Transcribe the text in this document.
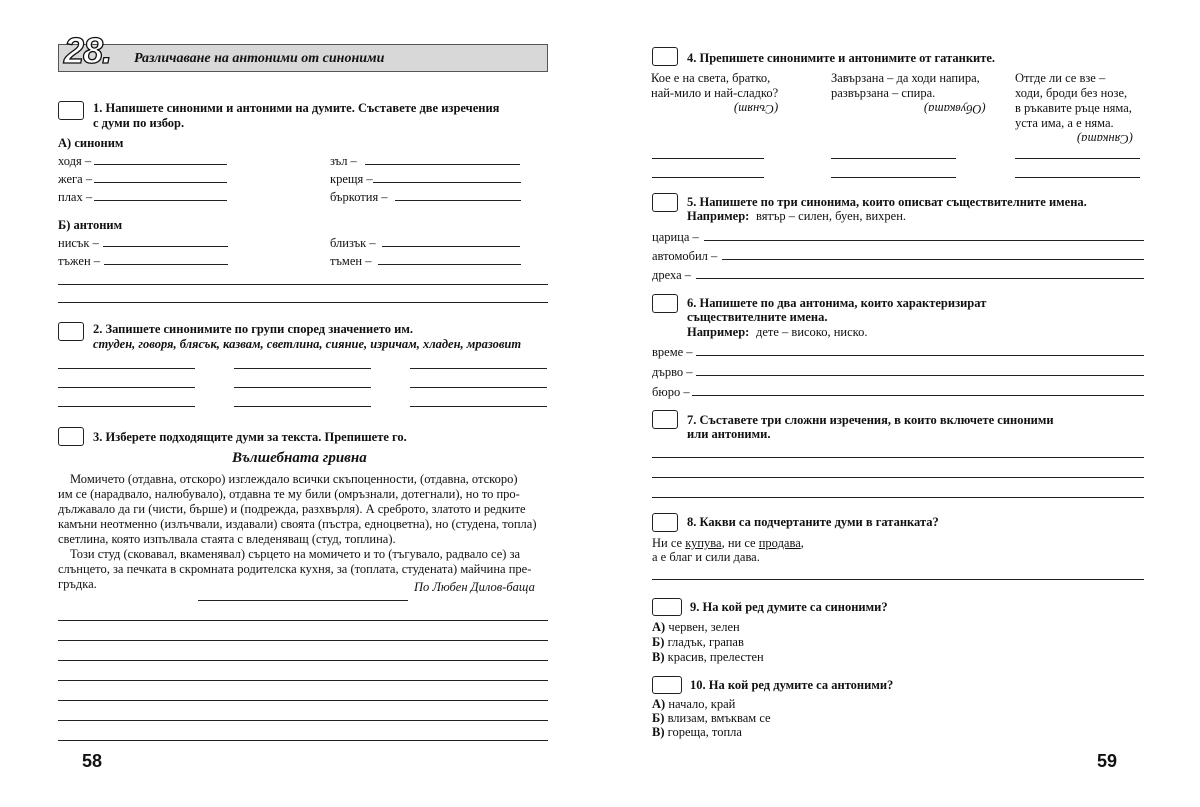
28. Различаване на антоними от синоними
1. Напишете синоними и антоними на думите. Съставете две изречения
с думи по избор.
А) синоним
ходя –
жега –
плах –
зъл –
крещя –
бъркотия –
Б) антоним
нисък –
тъжен –
близък –
тъмен –
2. Запишете синонимите по групи според значението им.
студен, говоря, блясък, казвам, светлина, сияние, изричам, хладен, мразовит
3. Изберете подходящите думи за текста. Препишете го.
Вълшебната гривна
Момичето (отдавна, отскоро) изглеждало всички скъпоценности, (отдавна, отскоро)
им се (нарадвало, налюбувало), отдавна те му били (омръзнали, дотегнали), но то про-
дължавало да ги (чисти, бърше) и (подрежда, разхвърля). А среброто, златото и редките
камъни неотменно (излъчвали, издавали) своята (пъстра, едноцветна), но (студена, топла)
светлина, която изпълвала стаята с вледеняващ (студ, топлина).
Този студ (сковавал, вкаменявал) сърцето на момичето и то (тъгувало, радвало се) за
слънцето, за печката в скромната родителска кухня, за (топлата, студената) майчина пре-
гръдка.	По Любен Дилов-баща
58
4. Препишете синонимите и антонимите от гатанките.
Кое е на света, братко,
най-мило и най-сладко?
(Сънят)
Завързана – да ходи напира,
развързана – спира.
(Обувката)
Отгде ли се взе –
ходи, броди без нозе,
в ръкавите ръце няма,
уста има, а е няма.
(Сянката)
5. Напишете по три синонима, които описват съществителните имена.
Например: вятър – силен, буен, вихрен.
царица –
автомобил –
дреха –
6. Напишете по два антонима, които характеризират
съществителните имена.
Например: дете – високо, ниско.
време –
дърво –
бюро –
7. Съставете три сложни изречения, в които включете синоними
или антоними.
8. Какви са подчертаните думи в гатанката?
Ни се купува, ни се продава,
а е благ и сили дава.
9. На кой ред думите са синоними?
А) червен, зелен
Б) гладък, грапав
В) красив, прелестен
10. На кой ред думите са антоними?
А) начало, край
Б) влизам, вмъквам се
В) гореща, топла
59
